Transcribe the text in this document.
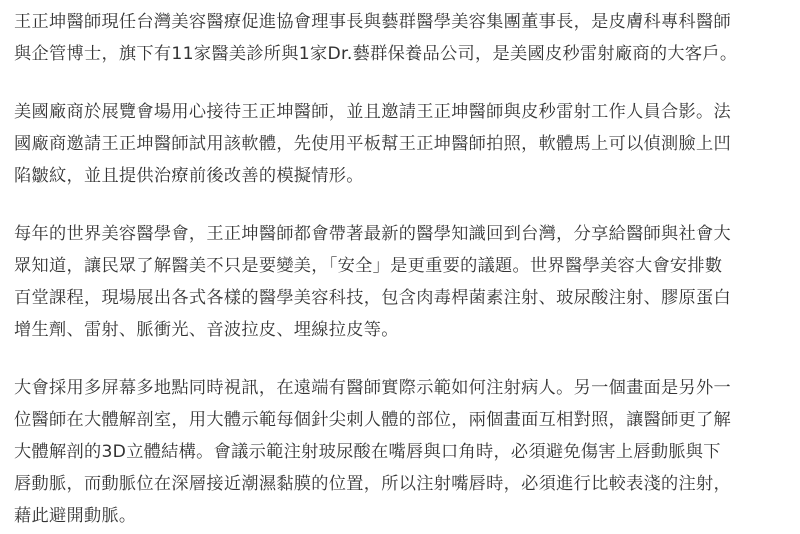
王正坤醫師現任台灣美容醫療促進協會理事長與藝群醫學美容集團董事長，是皮膚科專科醫師
與企管博士，旗下有11家醫美診所與1家Dr.藝群保養品公司，是美國皮秒雷射廠商的大客戶。

美國廠商於展覽會場用心接待王正坤醫師，並且邀請王正坤醫師與皮秒雷射工作人員合影。法
國廠商邀請王正坤醫師試用該軟體，先使用平板幫王正坤醫師拍照，軟體馬上可以偵測臉上凹
陷皺紋，並且提供治療前後改善的模擬情形。

每年的世界美容醫學會，王正坤醫師都會帶著最新的醫學知識回到台灣，分享給醫師與社會大
眾知道，讓民眾了解醫美不只是要變美，「安全」是更重要的議題。世界醫學美容大會安排數
百堂課程，現場展出各式各樣的醫學美容科技，包含肉毒桿菌素注射、玻尿酸注射、膠原蛋白
增生劑、雷射、脈衝光、音波拉皮、埋線拉皮等。

大會採用多屏幕多地點同時視訊，在遠端有醫師實際示範如何注射病人。另一個畫面是另外一
位醫師在大體解剖室，用大體示範每個針尖刺人體的部位，兩個畫面互相對照，讓醫師更了解
大體解剖的3D立體結構。會議示範注射玻尿酸在嘴唇與口角時，必須避免傷害上唇動脈與下
唇動脈，而動脈位在深層接近潮濕黏膜的位置，所以注射嘴唇時，必須進行比較表淺的注射，
藉此避開動脈。
